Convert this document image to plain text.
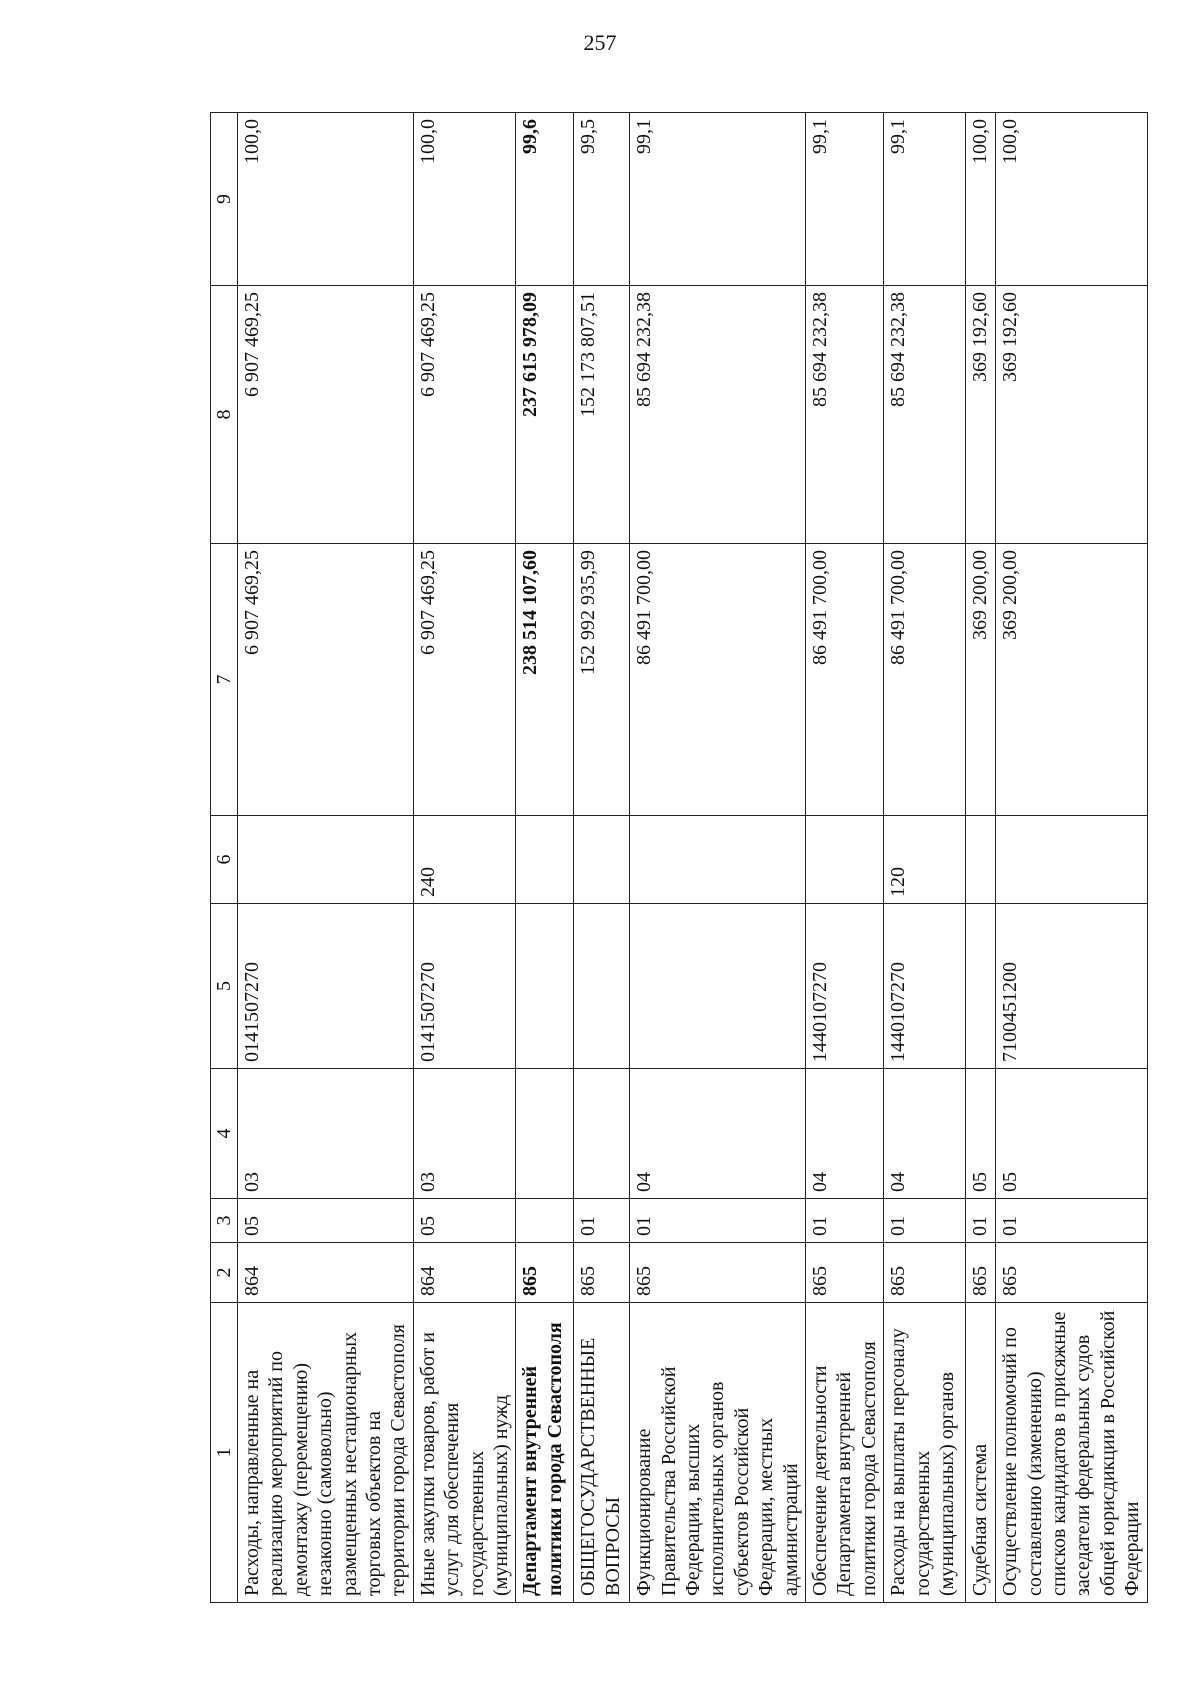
257
1	2	3	4	5	6	7	8	9
Расходы, направленные на реализацию мероприятий по демонтажу (перемещению) незаконно (самовольно) размещенных нестационарных торговых объектов на территории города Севастополя	864	05	03	0141507270		6 907 469,25	6 907 469,25	100,0
Иные закупки товаров, работ и услуг для обеспечения государственных (муниципальных) нужд	864	05	03	0141507270	240	6 907 469,25	6 907 469,25	100,0
Департамент внутренней политики города Севастополя	865					238 514 107,60	237 615 978,09	99,6
ОБЩЕГОСУДАРСТВЕННЫЕ ВОПРОСЫ	865	01				152 992 935,99	152 173 807,51	99,5
Функционирование Правительства Российской Федерации, высших исполнительных органов субъектов Российской Федерации, местных администраций	865	01	04			86 491 700,00	85 694 232,38	99,1
Обеспечение деятельности Департамента внутренней политики города Севастополя	865	01	04	1440107270		86 491 700,00	85 694 232,38	99,1
Расходы на выплаты персоналу государственных (муниципальных) органов	865	01	04	1440107270	120	86 491 700,00	85 694 232,38	99,1
Судебная система	865	01	05			369 200,00	369 192,60	100,0
Осуществление полномочий по составлению (изменению) списков кандидатов в присяжные заседатели федеральных судов общей юрисдикции в Российской Федерации	865	01	05	7100451200		369 200,00	369 192,60	100,0
